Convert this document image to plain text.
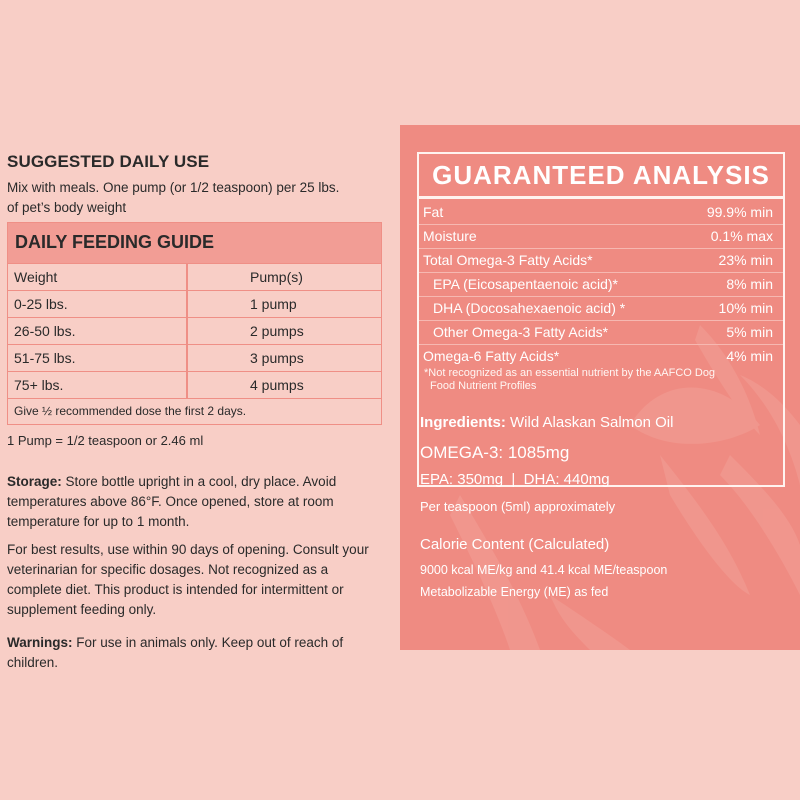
SUGGESTED DAILY USE
Mix with meals. One pump (or 1/2 teaspoon) per 25 lbs.
of pet’s body weight
DAILY FEEDING GUIDE
Weight	Pump(s)
0-25 lbs.	1 pump
26-50 lbs.	2 pumps
51-75 lbs.	3 pumps
75+ lbs.	4 pumps
Give ½ recommended dose the first 2 days.
1 Pump = 1/2 teaspoon or 2.46 ml
Storage: Store bottle upright in a cool, dry place. Avoid
temperatures above 86°F. Once opened, store at room
temperature for up to 1 month.
For best results, use within 90 days of opening. Consult your
veterinarian for specific dosages. Not recognized as a
complete diet. This product is intended for intermittent or
supplement feeding only.
Warnings: For use in animals only. Keep out of reach of
children.
GUARANTEED ANALYSIS
Fat	99.9% min
Moisture	0.1% max
Total Omega-3 Fatty Acids*	23% min
EPA (Eicosapentaenoic acid)*	8% min
DHA (Docosahexaenoic acid) *	10% min
Other Omega-3 Fatty Acids*	5% min
Omega-6 Fatty Acids*	4% min
*Not recognized as an essential nutrient by the AAFCO Dog
Food Nutrient Profiles
Ingredients: Wild Alaskan Salmon Oil
OMEGA-3: 1085mg
EPA: 350mg  |  DHA: 440mg
Per teaspoon (5ml) approximately
Calorie Content (Calculated)
9000 kcal ME/kg and 41.4 kcal ME/teaspoon
Metabolizable Energy (ME) as fed
